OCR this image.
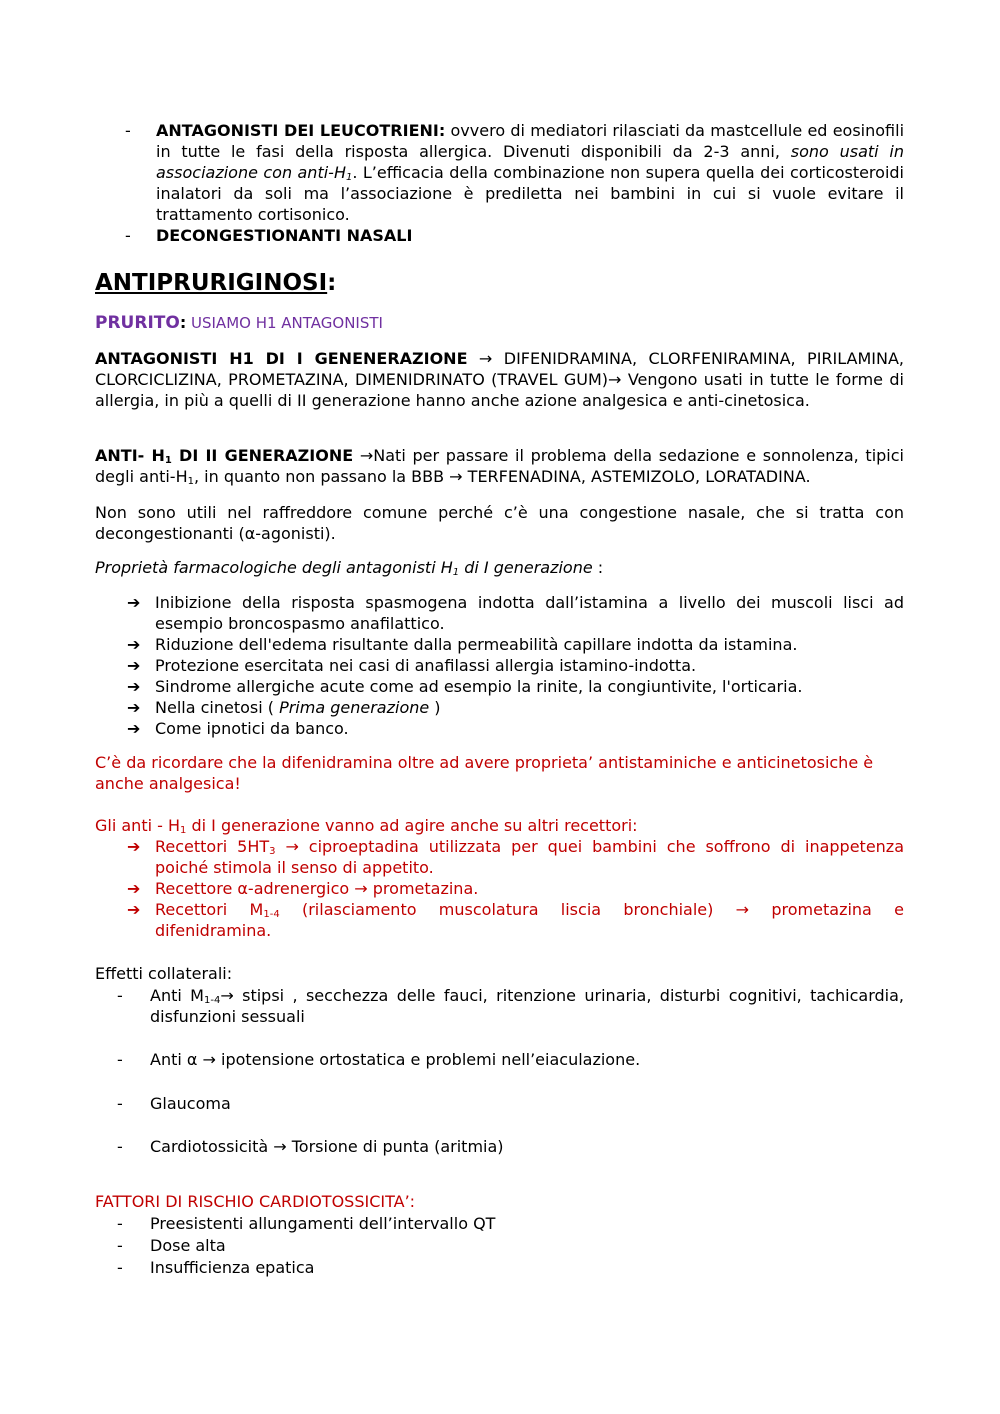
- ANTAGONISTI DEI LEUCOTRIENI: ovvero di mediatori rilasciati da mastcellule ed eosinofili in tutte le fasi della risposta allergica. Divenuti disponibili da 2-3 anni, sono usati in associazione con anti-$H_1$. L’efficacia della combinazione non supera quella dei corticosteroidi inalatori da soli ma l’associazione è prediletta nei bambini in cui si vuole evitare il trattamento cortisonico.
- DECONGESTIONANTI NASALI
ANTIPRURIGINOSI:
PRURITO: USIAMO H1 ANTAGONISTI
ANTAGONISTI H1 DI I GENENERAZIONE → DIFENIDRAMINA, CLORFENIRAMINA, PIRILAMINA, CLORCICLIZINA, PROMETAZINA, DIMENIDRINATO (TRAVEL GUM)→ Vengono usati in tutte le forme di allergia, in più a quelli di II generazione hanno anche azione analgesica e anti-cinetosica.
ANTI- $H_1$ DI II GENERAZIONE →Nati per passare il problema della sedazione e sonnolenza, tipici degli anti-$H_1$, in quanto non passano la BBB → TERFENADINA, ASTEMIZOLO, LORATADINA.
Non sono utili nel raffreddore comune perché c’è una congestione nasale, che si tratta con decongestionanti (α-agonisti).
Proprietà farmacologiche degli antagonisti $H_1$ di I generazione :
➔ Inibizione della risposta spasmogena indotta dall’istamina a livello dei muscoli lisci ad esempio broncospasmo anafilattico.
➔ Riduzione dell'edema risultante dalla permeabilità capillare indotta da istamina.
➔ Protezione esercitata nei casi di anafilassi allergia istamino-indotta.
➔ Sindrome allergiche acute come ad esempio la rinite, la congiuntivite, l'orticaria.
➔ Nella cinetosi ( Prima generazione )
➔ Come ipnotici da banco.
C’è da ricordare che la difenidramina oltre ad avere proprieta’ antistaminiche e anticinetosiche è anche analgesica!
Gli anti - $H_1$ di I generazione vanno ad agire anche su altri recettori:
➔ Recettori $5HT_3$ → ciproeptadina utilizzata per quei bambini che soffrono di inappetenza poiché stimola il senso di appetito.
➔ Recettore α-adrenergico → prometazina.
➔ Recettori $M_{1-4}$ (rilasciamento muscolatura liscia bronchiale) → prometazina e difenidramina.
Effetti collaterali:
- Anti $M_{1-4}\to$ stipsi , secchezza delle fauci, ritenzione urinaria, disturbi cognitivi, tachicardia, disfunzioni sessuali
- Anti α → ipotensione ortostatica e problemi nell’eiaculazione.
- Glaucoma
- Cardiotossicità → Torsione di punta (aritmia)
FATTORI DI RISCHIO CARDIOTOSSICITA’:
- Preesistenti allungamenti dell’intervallo QT
- Dose alta
- Insufficienza epatica
